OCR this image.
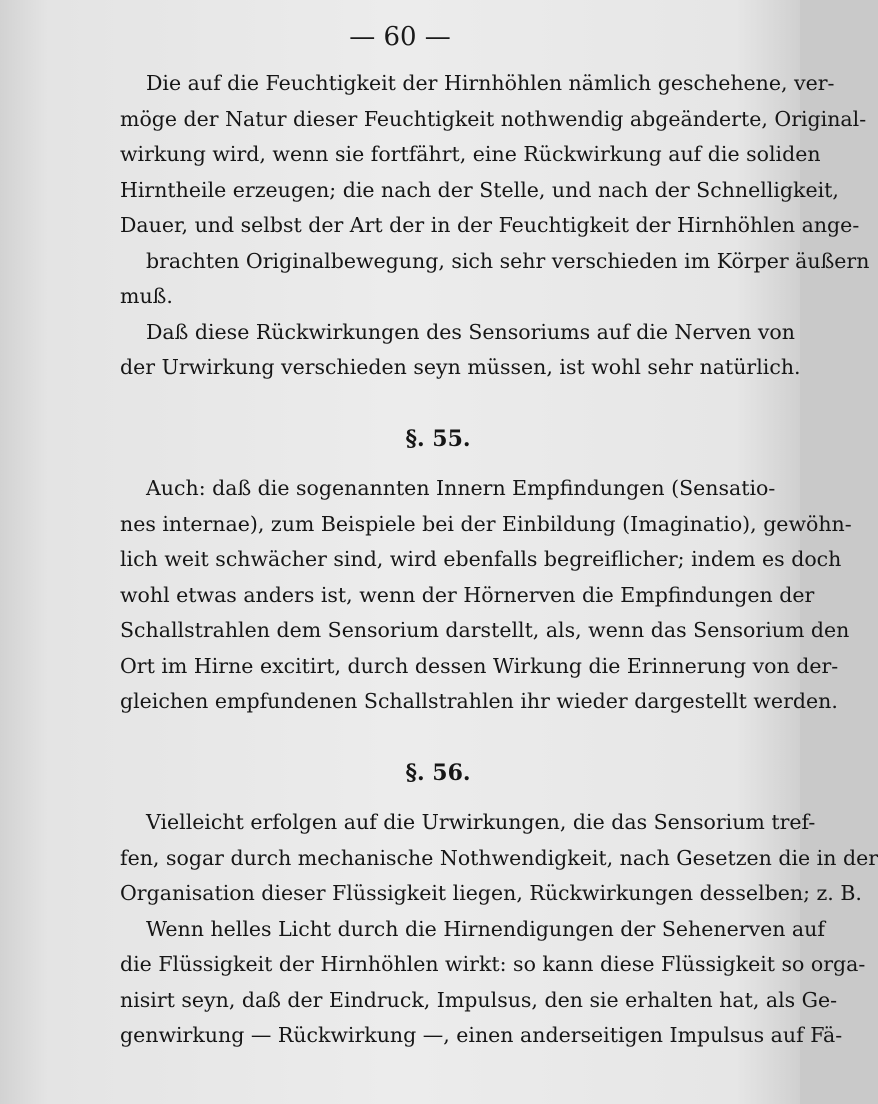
— 60 —
Die auf die Feuchtigkeit der Hirnhöhlen nämlich geschehene, ver-
möge der Natur dieser Feuchtigkeit nothwendig abgeänderte, Original-
wirkung wird, wenn sie fortfährt, eine Rückwirkung auf die soliden
Hirntheile erzeugen; die nach der Stelle, und nach der Schnelligkeit,
Dauer, und selbst der Art der in der Feuchtigkeit der Hirnhöhlen ange-
brachten Originalbewegung, sich sehr verschieden im Körper äußern
muß.
Daß diese Rückwirkungen des Sensoriums auf die Nerven von
der Urwirkung verschieden seyn müssen, ist wohl sehr natürlich.
§. 55.
Auch: daß die sogenannten Innern Empfindungen (Sensatio-
nes internae), zum Beispiele bei der Einbildung (Imaginatio), gewöhn-
lich weit schwächer sind, wird ebenfalls begreiflicher; indem es doch
wohl etwas anders ist, wenn der Hörnerven die Empfindungen der
Schallstrahlen dem Sensorium darstellt, als, wenn das Sensorium den
Ort im Hirne excitirt, durch dessen Wirkung die Erinnerung von der-
gleichen empfundenen Schallstrahlen ihr wieder dargestellt werden.
§. 56.
Vielleicht erfolgen auf die Urwirkungen, die das Sensorium tref-
fen, sogar durch mechanische Nothwendigkeit, nach Gesetzen die in der
Organisation dieser Flüssigkeit liegen, Rückwirkungen desselben; z. B.
Wenn helles Licht durch die Hirnendigungen der Sehenerven auf
die Flüssigkeit der Hirnhöhlen wirkt: so kann diese Flüssigkeit so orga-
nisirt seyn, daß der Eindruck, Impulsus, den sie erhalten hat, als Ge-
genwirkung — Rückwirkung —, einen anderseitigen Impulsus auf Fä-
